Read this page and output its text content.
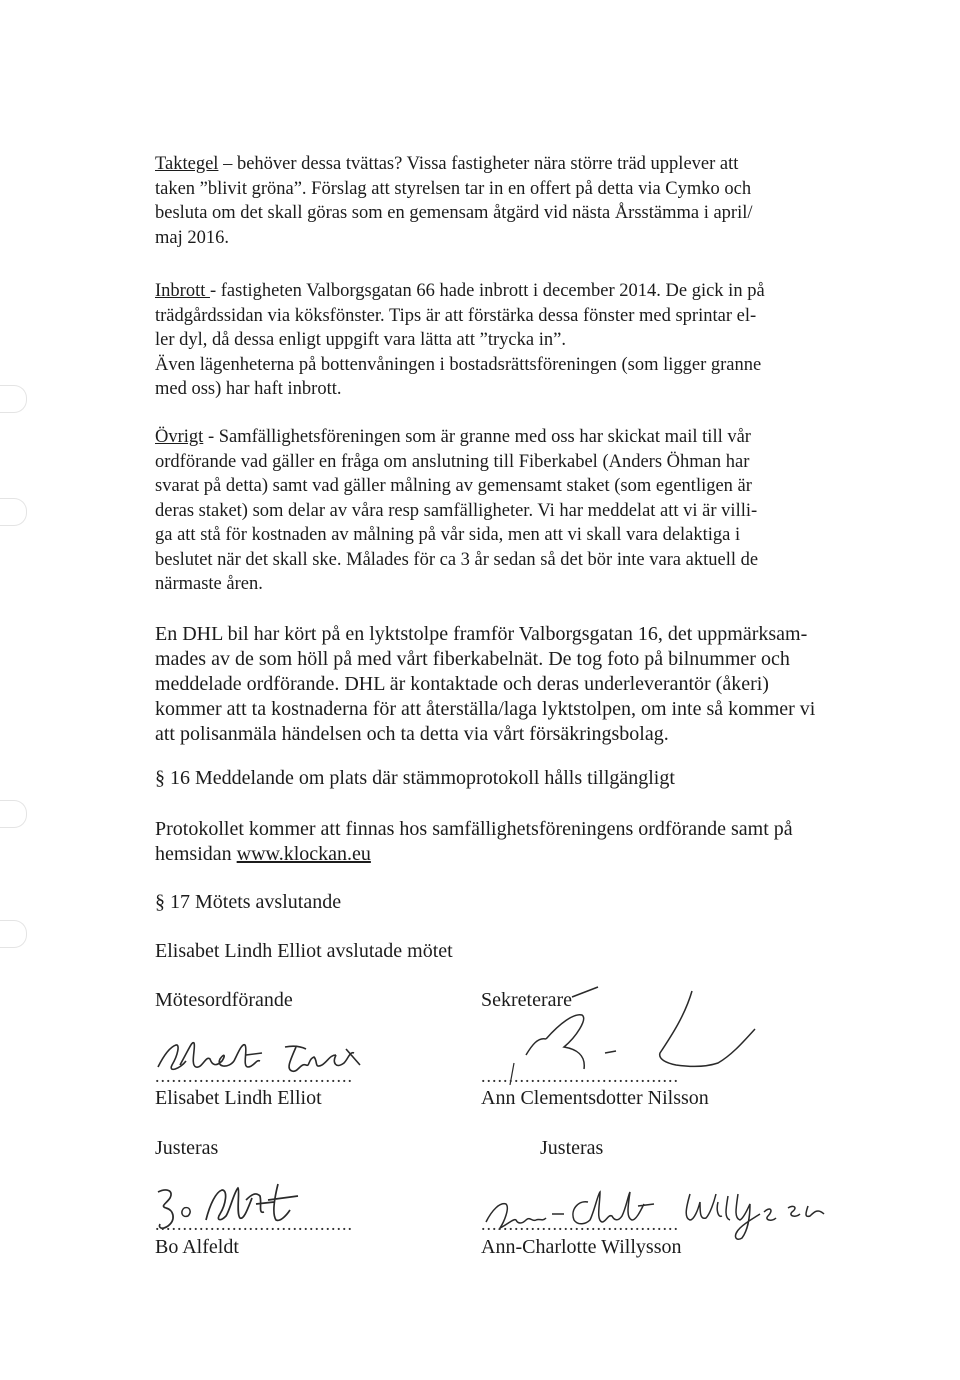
Taktegel – behöver dessa tvättas? Vissa fastigheter nära större träd upplever att
taken ”blivit gröna”. Förslag att styrelsen tar in en offert på detta via Cymko och
besluta om det skall göras som en gemensam åtgärd vid nästa Årsstämma i april/
maj 2016.
Inbrott - fastigheten Valborgsgatan 66 hade inbrott i december 2014. De gick in på
trädgårdssidan via köksfönster. Tips är att förstärka dessa fönster med sprintar el-
ler dyl, då dessa enligt uppgift vara lätta att ”trycka in”.
Även lägenheterna på bottenvåningen i bostadsrättsföreningen (som ligger granne
med oss) har haft inbrott.
Övrigt - Samfällighetsföreningen som är granne med oss har skickat mail till vår
ordförande vad gäller en fråga om anslutning till Fiberkabel (Anders Öhman har
svarat på detta) samt vad gäller målning av gemensamt staket (som egentligen är
deras staket) som delar av våra resp samfälligheter. Vi har meddelat att vi är villi-
ga att stå för kostnaden av målning på vår sida, men att vi skall vara delaktiga i
beslutet när det skall ske. Målades för ca 3 år sedan så det bör inte vara aktuell de
närmaste åren.
En DHL bil har kört på en lyktstolpe framför Valborgsgatan 16, det uppmärksam-
mades av de som höll på med vårt fiberkabelnät. De tog foto på bilnummer och
meddelade ordförande. DHL är kontaktade och deras underleverantör (åkeri)
kommer att ta kostnaderna för att återställa/laga lyktstolpen, om inte så kommer vi
att polisanmäla händelsen och ta detta via vårt försäkringsbolag.
§ 16 Meddelande om plats där stämmoprotokoll hålls tillgängligt
Protokollet kommer att finnas hos samfällighetsföreningens ordförande samt på
hemsidan www.klockan.eu
§ 17 Mötets avslutande
Elisabet Lindh Elliot avslutade mötet
Mötesordförande
....................................
Elisabet Lindh Elliot
Sekreterare
....................................
Ann Clementsdotter Nilsson
Justeras
....................................
Bo Alfeldt
Justeras
....................................
Ann-Charlotte Willysson
